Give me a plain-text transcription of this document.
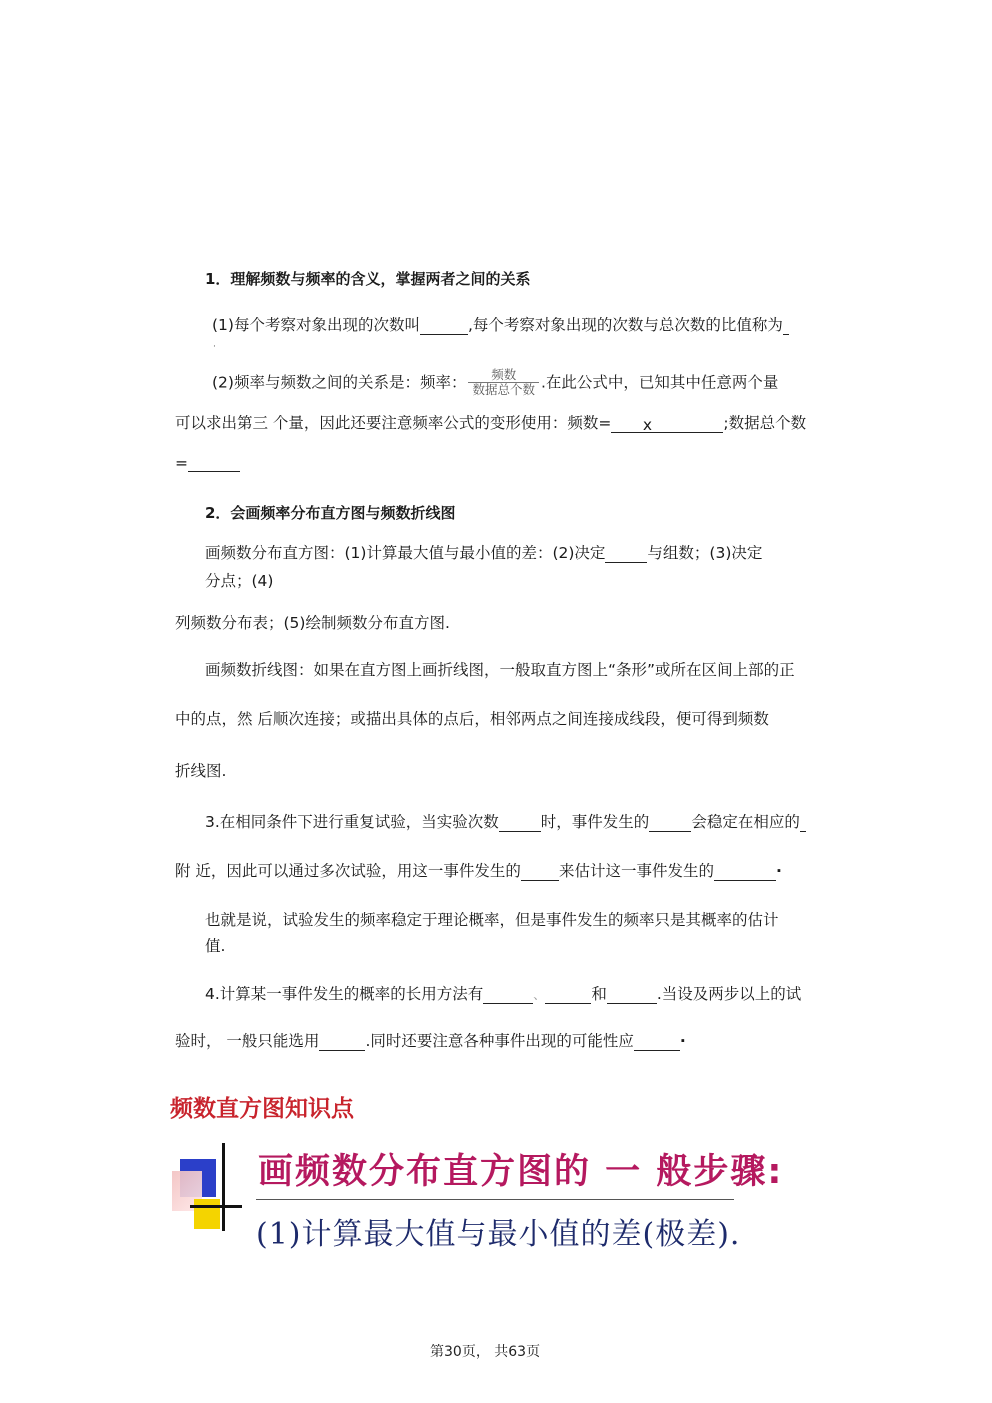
1．理解频数与频率的含义，掌握两者之间的关系
(1)每个考察对象出现的次数叫	,每个考察对象出现的次数与总次数的比值称为
·
(2)频率与频数之间的关系是：频率： $\frac{\text{频数}}{\text{数据总个数}}$ .在此公式中，已知其中任意两个量
可以求出第三 个量，因此还要注意频率公式的变形使用：频数= x	;数据总个数
=
2．会画频率分布直方图与频数折线图
画频数分布直方图：(1)计算最大值与最小值的差：(2)决定	与组数；(3)决定
分点；(4)
列频数分布表；(5)绘制频数分布直方图.
画频数折线图：如果在直方图上画折线图，一般取直方图上“条形”或所在区间上部的正
中的点，然 后顺次连接；或描出具体的点后，相邻两点之间连接成线段，便可得到频数
折线图.
3.在相同条件下进行重复试验，当实验次数	时，事件发生的	会稳定在相应的
附 近，因此可以通过多次试验，用这一事件发生的 来估计这一事件发生的	·
也就是说，试验发生的频率稳定于理论概率，但是事件发生的频率只是其概率的估计
值.
4.计算某一事件发生的概率的长用方法有	、	和	.当设及两步以上的试
验时， 一般只能选用	.同时还要注意各种事件出现的可能性应	·
频数直方图知识点
画频数分布直方图的 一 般步骤:
(1)计算最大值与最小值的差(极差).
第30页， 共63页
